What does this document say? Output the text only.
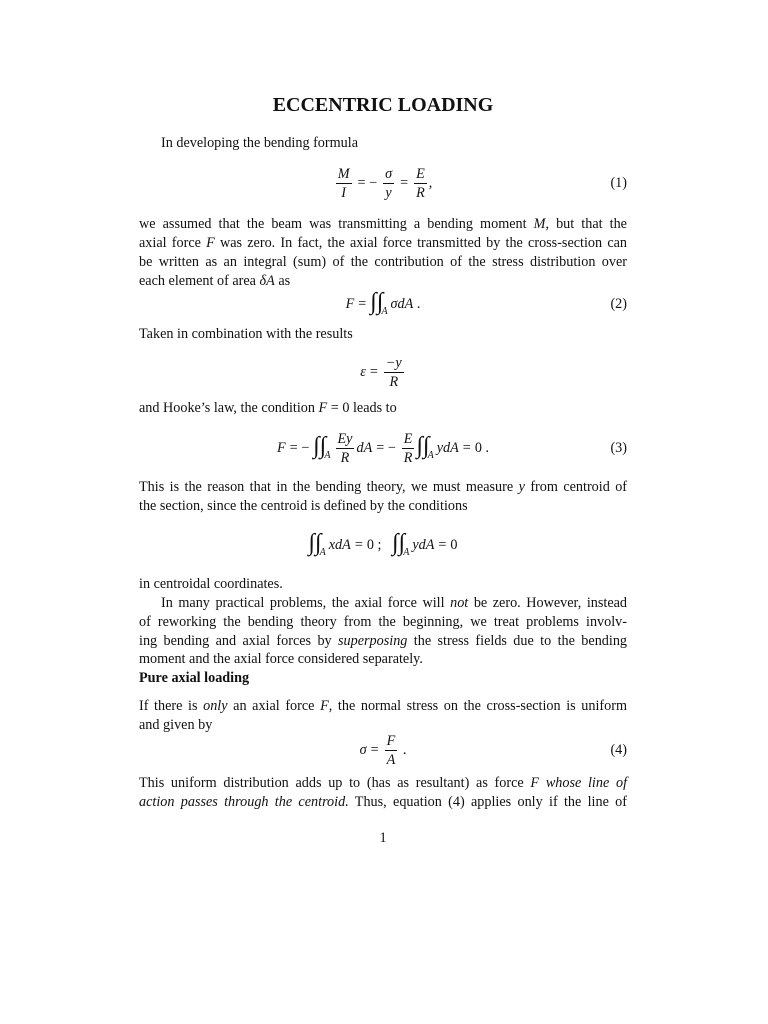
ECCENTRIC LOADING
In developing the bending formula
$\frac{M}{I}$ = − $\frac{\sigma}{y} = \frac{E}{R}$ ,	(1)
we assumed that the beam was transmitting a bending moment M, but that the
axial force F was zero. In fact, the axial force transmitted by the cross-section can
be written as an integral (sum) of the contribution of the stress distribution over
each element of area δA as
F = ∫∫
A σdA .	(2)
Taken in combination with the results
$\varepsilon = \frac{-y}{R}$
and Hooke’s law, the condition F = 0 leads to
F = − ∫∫
A $\frac{Ey}{R}$ dA = − $\frac{E}{R}$ ∫∫
A ydA = 0 .	(3)
This is the reason that in the bending theory, we must measure y from centroid of
the section, since the centroid is defined by the conditions
∫∫
A xdA = 0 ; ∫∫
A ydA = 0
in centroidal coordinates.
In many practical problems, the axial force will not be zero. However, instead
of reworking the bending theory from the beginning, we treat problems involv-
ing bending and axial forces by superposing the stress fields due to the bending
moment and the axial force considered separately.
Pure axial loading
If there is only an axial force F, the normal stress on the cross-section is uniform
and given by
$\sigma = \frac{F}{A}$ .	(4)
This uniform distribution adds up to (has as resultant) as force F whose line of
action passes through the centroid. Thus, equation (4) applies only if the line of
1
